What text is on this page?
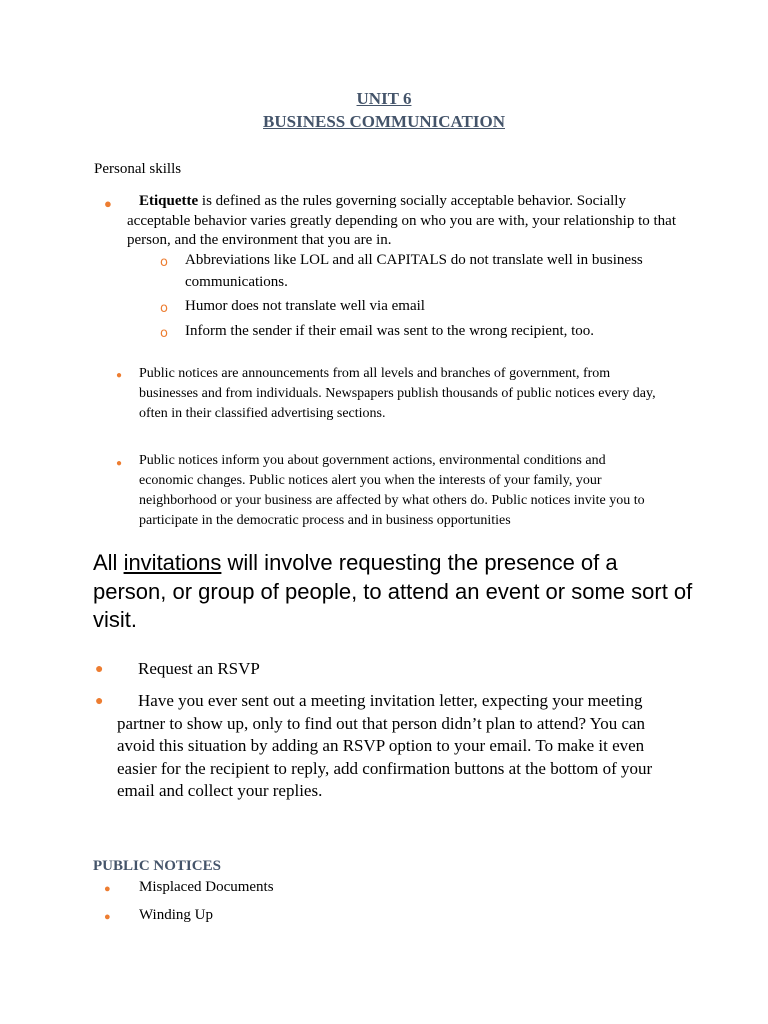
UNIT 6
BUSINESS COMMUNICATION
Personal skills
●	Etiquette is defined as the rules governing socially acceptable behavior. Socially acceptable behavior varies greatly depending on who you are with, your relationship to that person, and the environment that you are in.
o Abbreviations like LOL and all CAPITALS do not translate well in business communications.
o Humor does not translate well via email
o Inform the sender if their email was sent to the wrong recipient, too.
● Public notices are announcements from all levels and branches of government, from businesses and from individuals. Newspapers publish thousands of public notices every day, often in their classified advertising sections.
● Public notices inform you about government actions, environmental conditions and economic changes. Public notices alert you when the interests of your family, your neighborhood or your business are affected by what others do. Public notices invite you to participate in the democratic process and in business opportunities
All invitations will involve requesting the presence of a person, or group of people, to attend an event or some sort of visit.
● Request an RSVP
●	Have you ever sent out a meeting invitation letter, expecting your meeting partner to show up, only to find out that person didn’t plan to attend? You can avoid this situation by adding an RSVP option to your email. To make it even easier for the recipient to reply, add confirmation buttons at the bottom of your email and collect your replies.
PUBLIC NOTICES
● Misplaced Documents
● Winding Up
